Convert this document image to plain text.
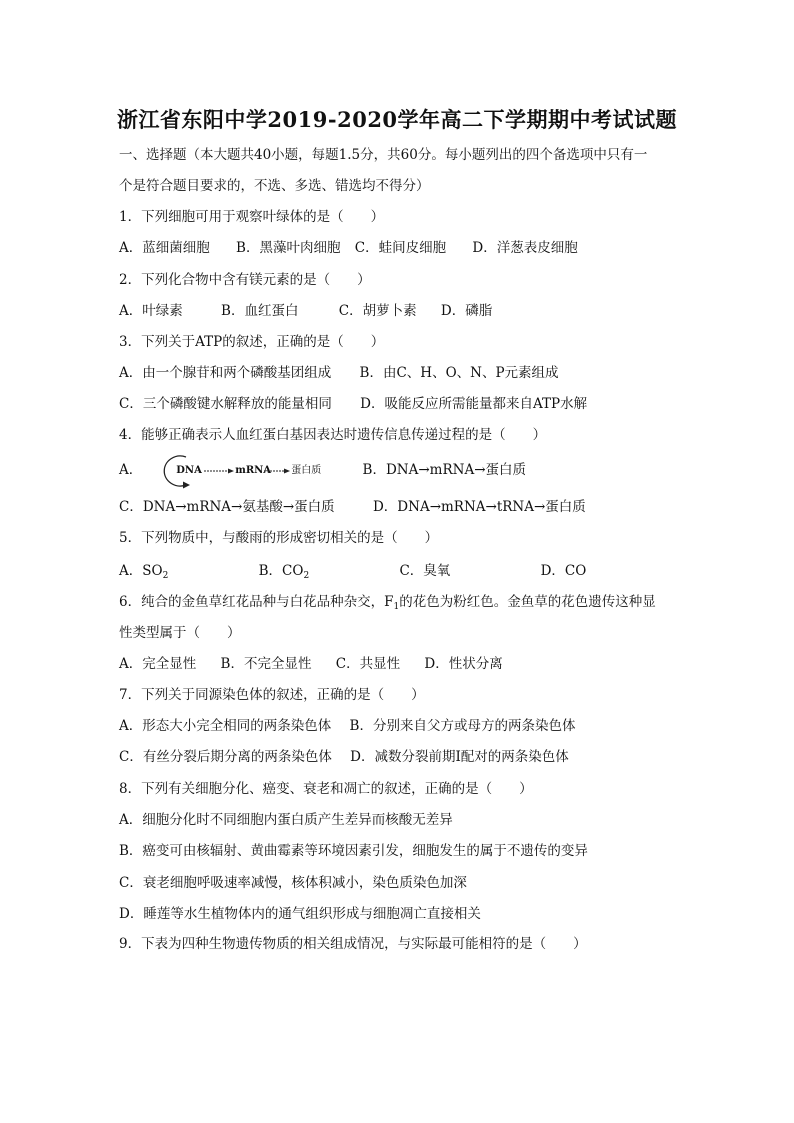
浙江省东阳中学2019-2020学年高二下学期期中考试试题
一、选择题（本大题共40小题，每题1.5分，共60分。每小题列出的四个备选项中只有一
个是符合题目要求的，不选、多选、错选均不得分）
1．下列细胞可用于观察叶绿体的是（　　）
A．蓝细菌细胞 B．黑藻叶肉细胞 C．蛙间皮细胞 D．洋葱表皮细胞
2．下列化合物中含有镁元素的是（　　）
A．叶绿素	B．血红蛋白	C．胡萝卜素 D．磷脂
3．下列关于ATP的叙述，正确的是（　　）
A．由一个腺苷和两个磷酸基团组成 B．由C、H、O、N、P元素组成
C．三个磷酸键水解释放的能量相同 D．吸能反应所需能量都来自ATP水解
4．能够正确表示人血红蛋白基因表达时遗传信息传递过程的是（　　）
A．	DNA	mRNA 蛋白质	B．DNA→mRNA→蛋白质
C．DNA→mRNA→氨基酸→蛋白质	D．DNA→mRNA→tRNA→蛋白质
5．下列物质中，与酸雨的形成密切相关的是（　　）
A．$SO_2$	B．$CO_2$	C．臭氧	D．CO
6．纯合的金鱼草红花品种与白花品种杂交，$F_1$的花色为粉红色。金鱼草的花色遗传这种显
性类型属于（　　）
A．完全显性 B．不完全显性 C．共显性 D．性状分离
7．下列关于同源染色体的叙述，正确的是（　　）
A．形态大小完全相同的两条染色体 B．分别来自父方或母方的两条染色体
C．有丝分裂后期分离的两条染色体 D．减数分裂前期Ⅰ配对的两条染色体
8．下列有关细胞分化、癌变、衰老和凋亡的叙述，正确的是（　　）
A．细胞分化时不同细胞内蛋白质产生差异而核酸无差异
B．癌变可由核辐射、黄曲霉素等环境因素引发，细胞发生的属于不遗传的变异
C．衰老细胞呼吸速率减慢，核体积减小，染色质染色加深
D．睡莲等水生植物体内的通气组织形成与细胞凋亡直接相关
9．下表为四种生物遗传物质的相关组成情况，与实际最可能相符的是（　　）
